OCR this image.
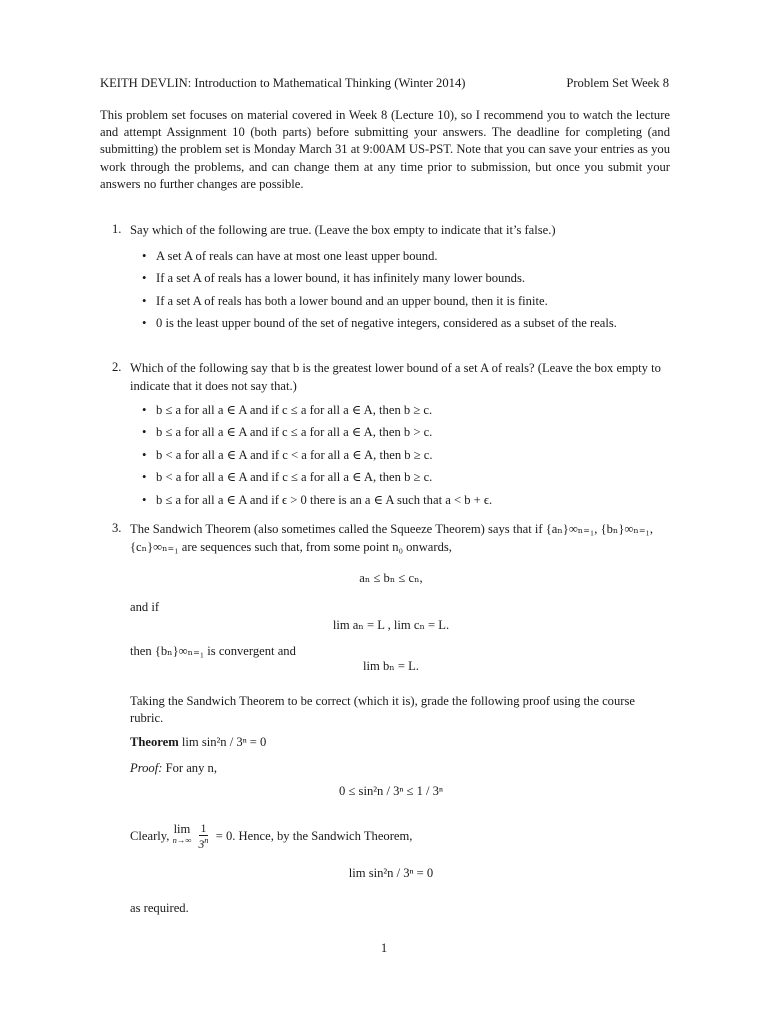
KEITH DEVLIN: Introduction to Mathematical Thinking (Winter 2014)	Problem Set Week 8
This problem set focuses on material covered in Week 8 (Lecture 10), so I recommend you to watch the lecture and attempt Assignment 10 (both parts) before submitting your answers. The deadline for completing (and submitting) the problem set is Monday March 31 at 9:00AM US-PST. Note that you can save your entries as you work through the problems, and can change them at any time prior to submission, but once you submit your answers no further changes are possible.
1. Say which of the following are true. (Leave the box empty to indicate that it’s false.)
• A set A of reals can have at most one least upper bound.
• If a set A of reals has a lower bound, it has infinitely many lower bounds.
• If a set A of reals has both a lower bound and an upper bound, then it is finite.
• 0 is the least upper bound of the set of negative integers, considered as a subset of the reals.
2. Which of the following say that b is the greatest lower bound of a set A of reals? (Leave the box empty to indicate that it does not say that.)
• b ≤ a for all a ∈ A and if c ≤ a for all a ∈ A, then b ≥ c.
• b ≤ a for all a ∈ A and if c ≤ a for all a ∈ A, then b > c.
• b < a for all a ∈ A and if c < a for all a ∈ A, then b ≥ c.
• b < a for all a ∈ A and if c ≤ a for all a ∈ A, then b ≥ c.
• b ≤ a for all a ∈ A and if ϵ > 0 there is an a ∈ A such that a < b + ϵ.
3. The Sandwich Theorem (also sometimes called the Squeeze Theorem) says that if {aₙ}∞ₙ₌₁, {bₙ}∞ₙ₌₁,
{cₙ}∞ₙ₌₁ are sequences such that, from some point n₀ onwards,
aₙ ≤ bₙ ≤ cₙ,
and if
lim aₙ = L , lim cₙ = L.
then {bₙ}∞ₙ₌₁ is convergent and
lim bₙ = L.
Taking the Sandwich Theorem to be correct (which it is), grade the following proof using the course rubric.
Theorem lim sin²n / 3ⁿ = 0
Proof: For any n,
0 ≤ sin²n / 3ⁿ ≤ 1 / 3ⁿ
Clearly, lim
n→∞
$\frac{1}{3^n} = 0$. Hence, by the Sandwich Theorem,
lim sin²n / 3ⁿ = 0
as required.
1
